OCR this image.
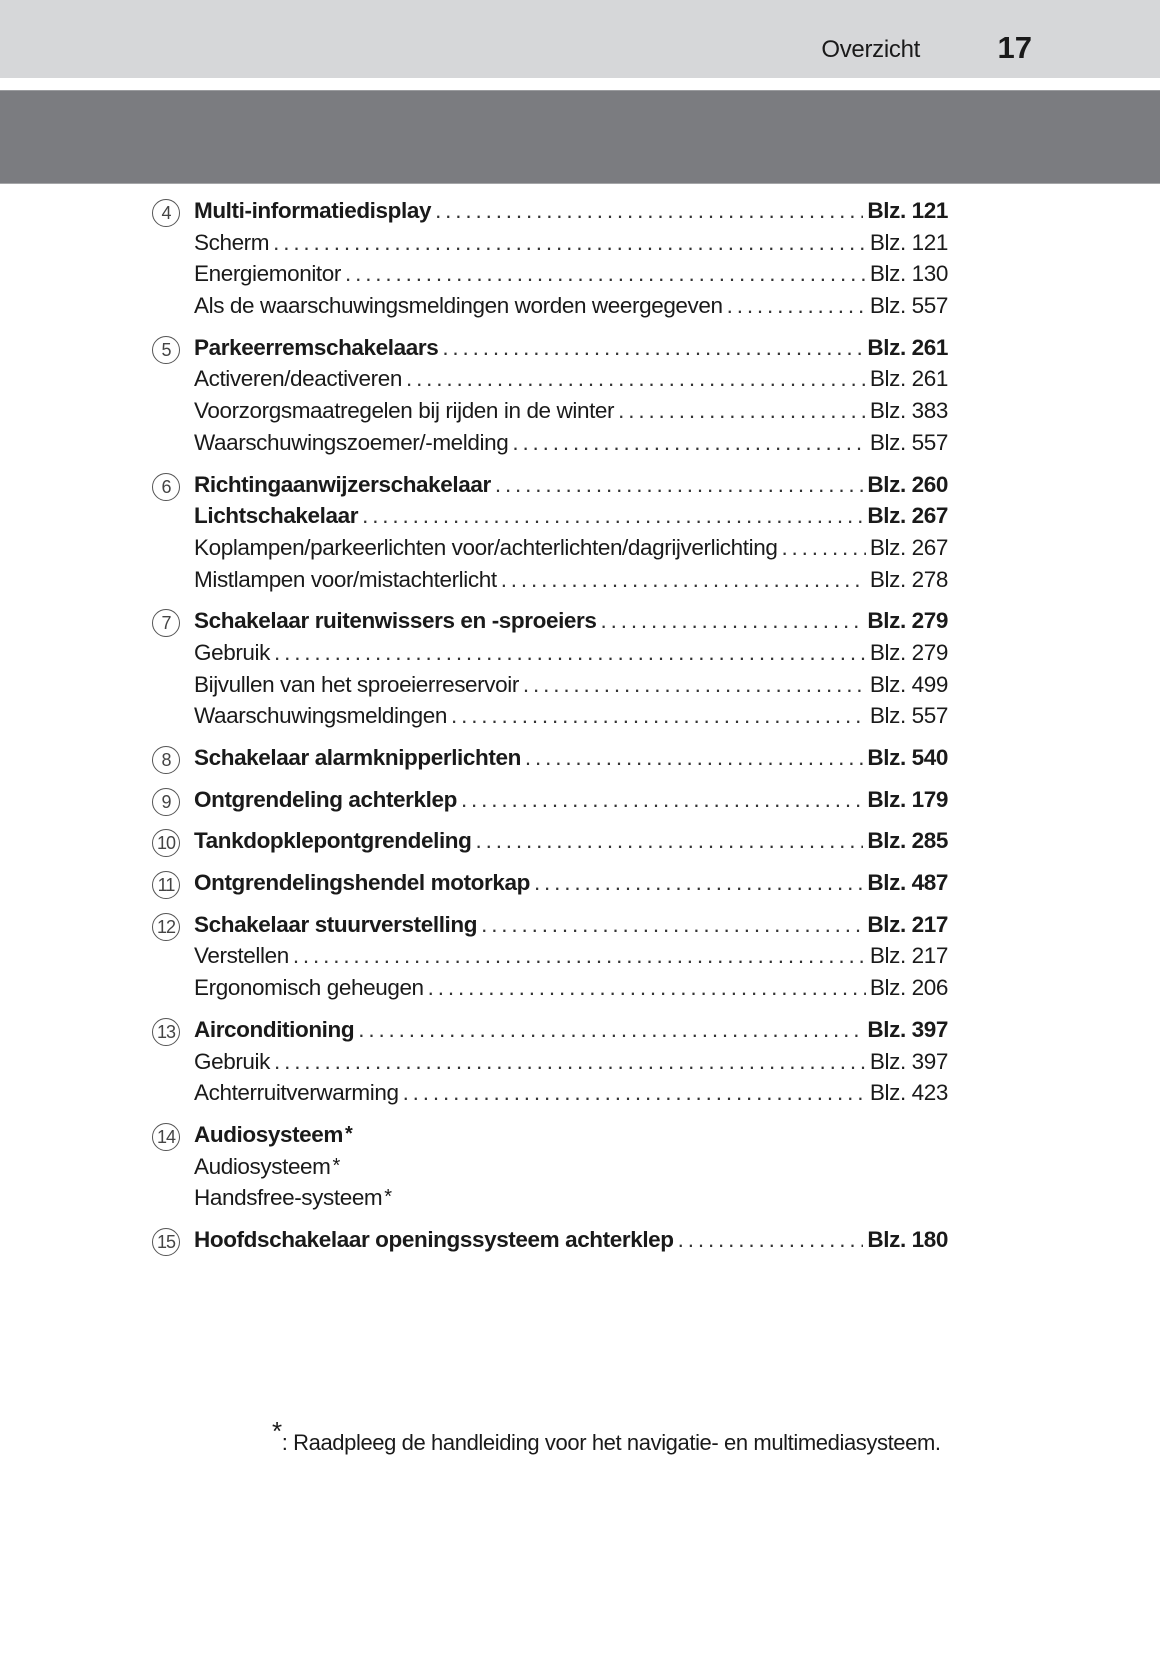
Overzicht	17
4	Multi-informatiedisplay . . .	Blz. 121
Scherm . . .	Blz. 121
Energiemonitor . . .	Blz. 130
Als de waarschuwingsmeldingen worden weergegeven . . .	Blz. 557
5	Parkeerremschakelaars . . .	Blz. 261
Activeren/deactiveren . . .	Blz. 261
Voorzorgsmaatregelen bij rijden in de winter . . .	Blz. 383
Waarschuwingszoemer/-melding . . .	Blz. 557
6	Richtingaanwijzerschakelaar . . .	Blz. 260
Lichtschakelaar . . .	Blz. 267
Koplampen/parkeerlichten voor/achterlichten/dagrijverlichting . . .	Blz. 267
Mistlampen voor/mistachterlicht . . .	Blz. 278
7	Schakelaar ruitenwissers en -sproeiers . . .	Blz. 279
Gebruik . . .	Blz. 279
Bijvullen van het sproeierreservoir . . .	Blz. 499
Waarschuwingsmeldingen . . .	Blz. 557
8	Schakelaar alarmknipperlichten . . .	Blz. 540
9	Ontgrendeling achterklep . . .	Blz. 179
10 Tankdopklepontgrendeling . . .	Blz. 285
11 Ontgrendelingshendel motorkap . . .	Blz. 487
12 Schakelaar stuurverstelling . . .	Blz. 217
Verstellen . . .	Blz. 217
Ergonomisch geheugen . . .	Blz. 206
13 Airconditioning . . .	Blz. 397
Gebruik . . .	Blz. 397
Achterruitverwarming . . .	Blz. 423
14 Audiosysteem*
Audiosysteem*
Handsfree-systeem*
15 Hoofdschakelaar openingssysteem achterklep . . .	Blz. 180
*: Raadpleeg de handleiding voor het navigatie- en multimediasysteem.
